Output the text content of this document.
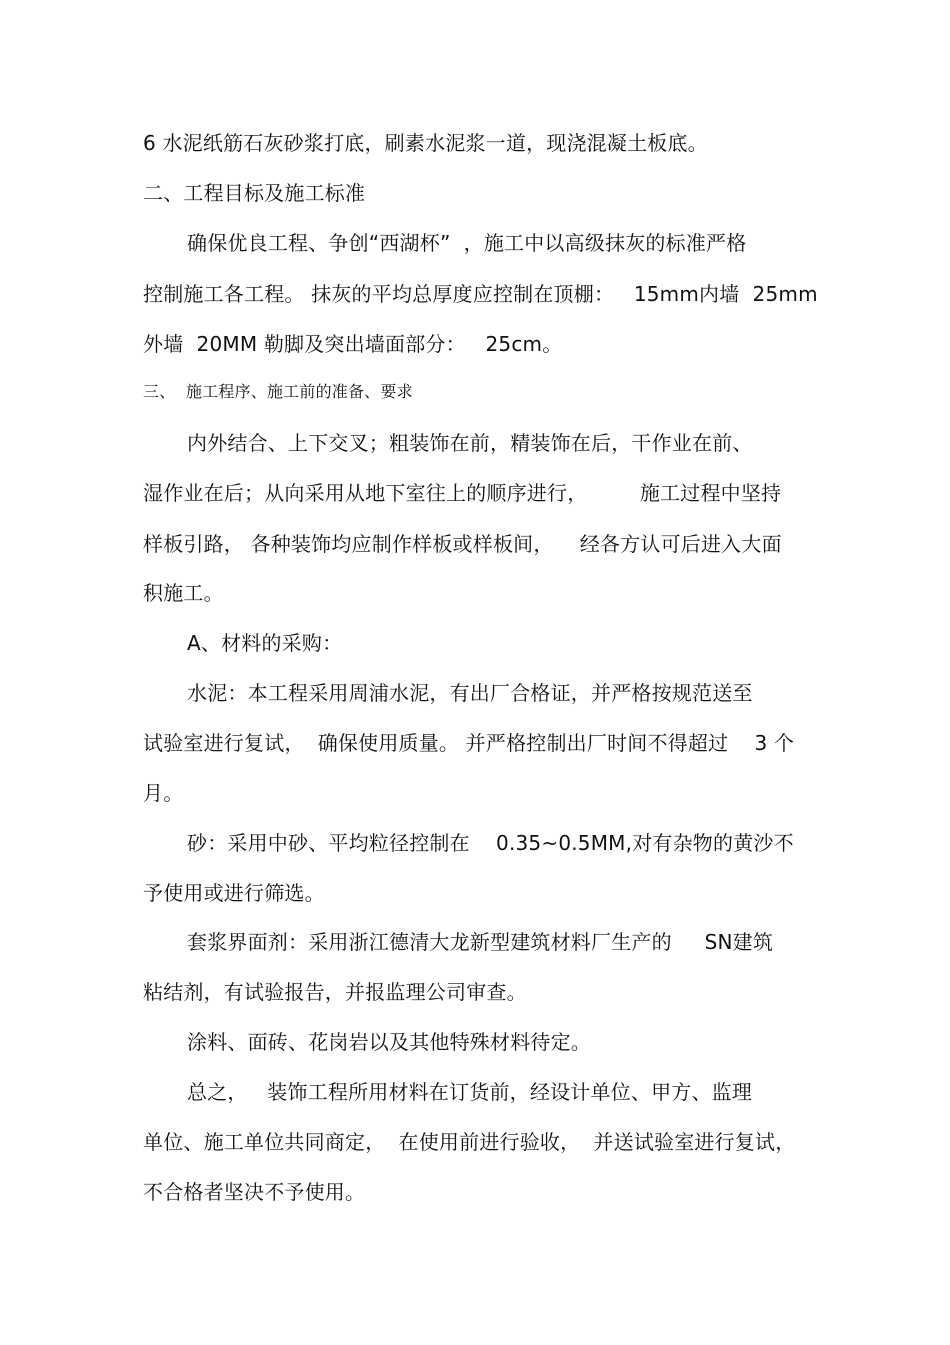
6 水泥纸筋石灰砂浆打底，刷素水泥浆一道，现浇混凝土板底。
二、工程目标及施工标准
确保优良工程、争创“西湖杯”  ，施工中以高级抹灰的标准严格
控制施工各工程。 抹灰的平均总厚度应控制在顶棚：   15mm内墙  25mm
外墙  20MM 勒脚及突出墙面部分：   25cm。
三、  施工程序、施工前的准备、要求
内外结合、上下交叉；粗装饰在前，精装饰在后，干作业在前、
湿作业在后；从向采用从地下室往上的顺序进行，        施工过程中坚持
样板引路， 各种装饰均应制作样板或样板间，    经各方认可后进入大面
积施工。
A、材料的采购：
水泥：本工程采用周浦水泥，有出厂合格证，并严格按规范送至
试验室进行复试，  确保使用质量。 并严格控制出厂时间不得超过    3 个
月。
砂：采用中砂、平均粒径控制在    0.35~0.5MM,对有杂物的黄沙不
予使用或进行筛选。
套浆界面剂：采用浙江德清大龙新型建筑材料厂生产的     SN建筑
粘结剂，有试验报告，并报监理公司审查。
涂料、面砖、花岗岩以及其他特殊材料待定。
总之，   装饰工程所用材料在订货前，经设计单位、甲方、监理
单位、施工单位共同商定，  在使用前进行验收，  并送试验室进行复试，
不合格者坚决不予使用。
